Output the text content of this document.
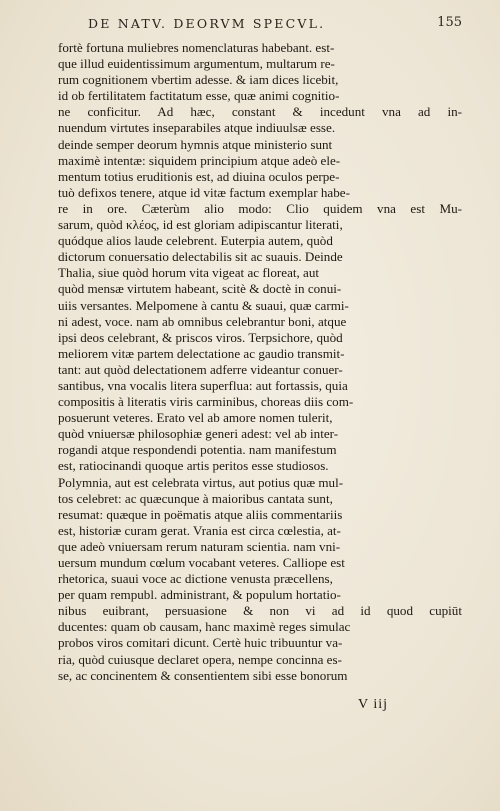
DE NATV. DEORVM SPECVL.	155
fortè fortuna muliebres nomenclaturas habebant. est-
que illud euidentissimum argumentum, multarum re-
rum cognitionem vbertim adesse. & iam dices licebit,
id ob fertilitatem factitatum esse, quæ animi cognitio-
ne conficitur. Ad hæc, constant & incedunt vna ad in-
nuendum virtutes inseparabiles atque indiuulsæ esse.
deinde semper deorum hymnis atque ministerio sunt
maximè intentæ: siquidem principium atque adeò ele-
mentum totius eruditionis est, ad diuina oculos perpe-
tuò defixos tenere, atque id vitæ factum exemplar habe-
re in ore. Cæterùm alio modo: Clio quidem vna est Mu-
sarum, quòd κλέος, id est gloriam adipiscantur literati,
quódque alios laude celebrent. Euterpia autem, quòd
dictorum conuersatio delectabilis sit ac suauis. Deinde
Thalia, siue quòd horum vita vigeat ac floreat, aut
quòd mensæ virtutem habeant, scitè & doctè in conui-
uiis versantes. Melpomene à cantu & suaui, quæ carmi-
ni adest, voce. nam ab omnibus celebrantur boni, atque
ipsi deos celebrant, & priscos viros. Terpsichore, quòd
meliorem vitæ partem delectatione ac gaudio transmit-
tant: aut quòd delectationem adferre videantur conuer-
santibus, vna vocalis litera superflua: aut fortassis, quia
compositis à literatis viris carminibus, choreas diis com-
posuerunt veteres. Erato vel ab amore nomen tulerit,
quòd vniuersæ philosophiæ generi adest: vel ab inter-
rogandi atque respondendi potentia. nam manifestum
est, ratiocinandi quoque artis peritos esse studiosos.
Polymnia, aut est celebrata virtus, aut potius quæ mul-
tos celebret: ac quæcunque à maioribus cantata sunt,
resumat: quæque in poëmatis atque aliis commentariis
est, historiæ curam gerat. Vrania est circa cœlestia, at-
que adeò vniuersam rerum naturam scientia. nam vni-
uersum mundum cœlum vocabant veteres. Calliope est
rhetorica, suaui voce ac dictione venusta præcellens,
per quam rempubl. administrant, & populum hortatio-
nibus euibrant, persuasione & non vi ad id quod cupiūt
ducentes: quam ob causam, hanc maximè reges simulac
probos viros comitari dicunt. Certè huic tribuuntur va-
ria, quòd cuiusque declaret opera, nempe concinna es-
se, ac concinentem & consentientem sibi esse bonorum
V iij
